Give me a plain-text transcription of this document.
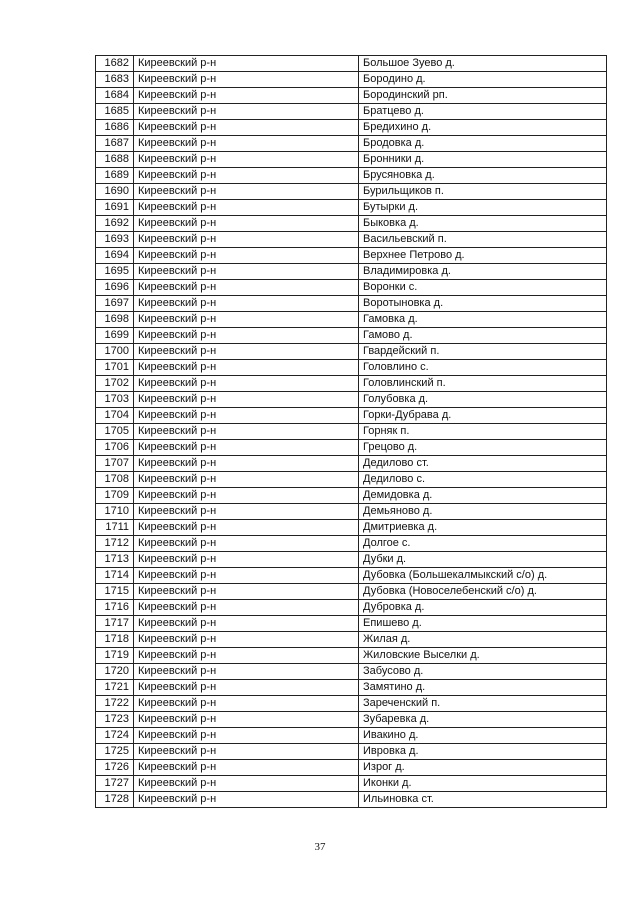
1682	Киреевский р-н	Большое Зуево д.
1683	Киреевский р-н	Бородино д.
1684	Киреевский р-н	Бородинский рп.
1685	Киреевский р-н	Братцево д.
1686	Киреевский р-н	Бредихино д.
1687	Киреевский р-н	Бродовка д.
1688	Киреевский р-н	Бронники д.
1689	Киреевский р-н	Брусяновка д.
1690	Киреевский р-н	Бурильщиков п.
1691	Киреевский р-н	Бутырки д.
1692	Киреевский р-н	Быковка д.
1693	Киреевский р-н	Васильевский п.
1694	Киреевский р-н	Верхнее Петрово д.
1695	Киреевский р-н	Владимировка д.
1696	Киреевский р-н	Воронки с.
1697	Киреевский р-н	Воротыновка д.
1698	Киреевский р-н	Гамовка д.
1699	Киреевский р-н	Гамово д.
1700	Киреевский р-н	Гвардейский п.
1701	Киреевский р-н	Головлино с.
1702	Киреевский р-н	Головлинский п.
1703	Киреевский р-н	Голубовка д.
1704	Киреевский р-н	Горки-Дубрава д.
1705	Киреевский р-н	Горняк п.
1706	Киреевский р-н	Грецово д.
1707	Киреевский р-н	Дедилово ст.
1708	Киреевский р-н	Дедилово с.
1709	Киреевский р-н	Демидовка д.
1710	Киреевский р-н	Демьяново д.
1711	Киреевский р-н	Дмитриевка д.
1712	Киреевский р-н	Долгое с.
1713	Киреевский р-н	Дубки д.
1714	Киреевский р-н	Дубовка (Большекалмыкский с/о) д.
1715	Киреевский р-н	Дубовка (Новоселебенский с/о) д.
1716	Киреевский р-н	Дубровка д.
1717	Киреевский р-н	Епишево д.
1718	Киреевский р-н	Жилая д.
1719	Киреевский р-н	Жиловские Выселки д.
1720	Киреевский р-н	Забусово д.
1721	Киреевский р-н	Замятино д.
1722	Киреевский р-н	Зареченский п.
1723	Киреевский р-н	Зубаревка д.
1724	Киреевский р-н	Ивакино д.
1725	Киреевский р-н	Ивровка д.
1726	Киреевский р-н	Изрог д.
1727	Киреевский р-н	Иконки д.
1728	Киреевский р-н	Ильиновка ст.
37
